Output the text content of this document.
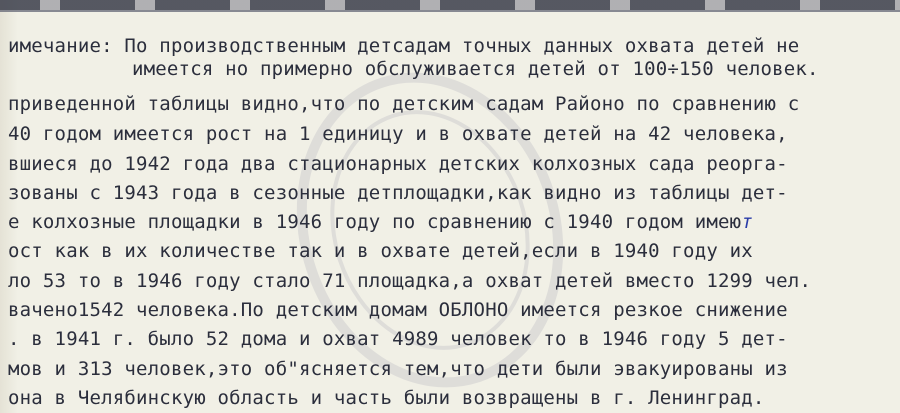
имечание: По производственным детсадам точных данных охвата детей не
имеется но примерно обслуживается детей от 100÷150 человек.
приведенной таблицы видно,что по детским садам Районо по сравнению с
40 годом имеется рост на 1 единицу и в охвате детей на 42 человека,
вшиеся до 1942 года два стационарных детских колхозных сада реорга-
зованы с 1943 года в сезонные детплощадки,как видно из таблицы дет-
е колхозные площадки в 1946 году по сравнению с 1940 годом имеют
ост как в их количестве так и в охвате детей,если в 1940 году их
ло 53 то в 1946 году стало 71 площадка,а охват детей вместо 1299 чел.
вачено1542 человека.По детским домам ОБЛОНО имеется резкое снижение
. в 1941 г. было 52 дома и охват 4989 человек то в 1946 году 5 дет-
мов и 313 человек,это об"ясняется тем,что дети были эвакуированы из
она в Челябинскую область и часть были возвращены в г. Ленинград.
